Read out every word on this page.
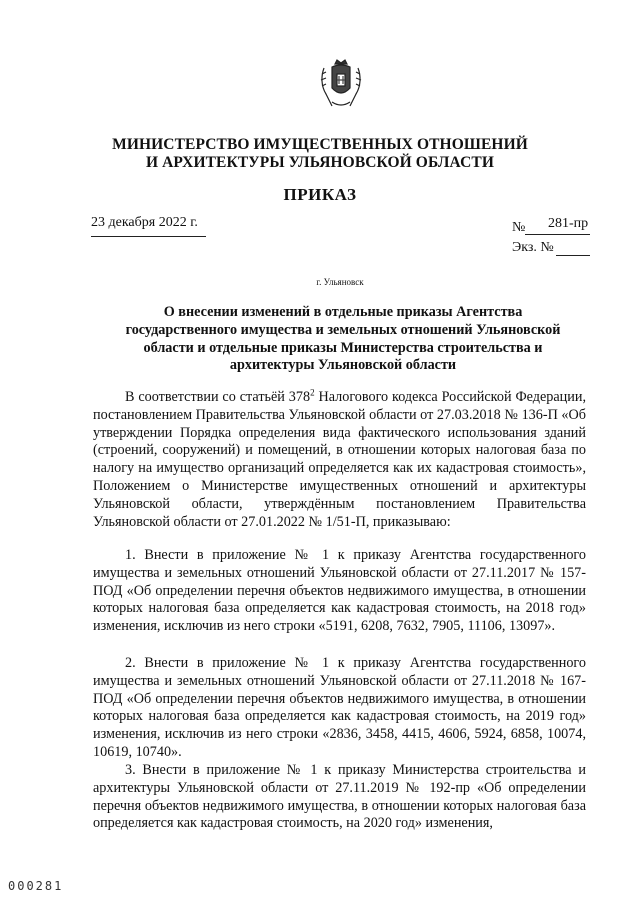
МИНИСТЕРСТВО ИМУЩЕСТВЕННЫХ ОТНОШЕНИЙ
И АРХИТЕКТУРЫ УЛЬЯНОВСКОЙ ОБЛАСТИ
ПРИКАЗ
23 декабря 2022 г.	№ 281-пр
Экз. №
г. Ульяновск
О внесении изменений в отдельные приказы Агентства государственного имущества и земельных отношений Ульяновской области и отдельные приказы Министерства строительства и архитектуры Ульяновской области
В соответствии со статьёй $378^2$ Налогового кодекса Российской Федерации, постановлением Правительства Ульяновской области от 27.03.2018 № 136-П «Об утверждении Порядка определения вида фактического использования зданий (строений, сооружений) и помещений, в отношении которых налоговая база по налогу на имущество организаций определяется как их кадастровая стоимость», Положением о Министерстве имущественных отношений и архитектуры Ульяновской области, утверждённым постановлением Правительства Ульяновской области от 27.01.2022 № 1/51-П, приказываю:
1. Внести в приложение № 1 к приказу Агентства государственного имущества и земельных отношений Ульяновской области от 27.11.2017 № 157-ПОД «Об определении перечня объектов недвижимого имущества, в отношении которых налоговая база определяется как кадастровая стоимость, на 2018 год» изменения, исключив из него строки «5191, 6208, 7632, 7905, 11106, 13097».
2. Внести в приложение № 1 к приказу Агентства государственного имущества и земельных отношений Ульяновской области от 27.11.2018 № 167-ПОД «Об определении перечня объектов недвижимого имущества, в отношении которых налоговая база определяется как кадастровая стоимость, на 2019 год» изменения, исключив из него строки «2836, 3458, 4415, 4606, 5924, 6858, 10074, 10619, 10740».
3. Внести в приложение № 1 к приказу Министерства строительства и архитектуры Ульяновской области от 27.11.2019 № 192-пр «Об определении перечня объектов недвижимого имущества, в отношении которых налоговая база определяется как кадастровая стоимость, на 2020 год» изменения,
000281
